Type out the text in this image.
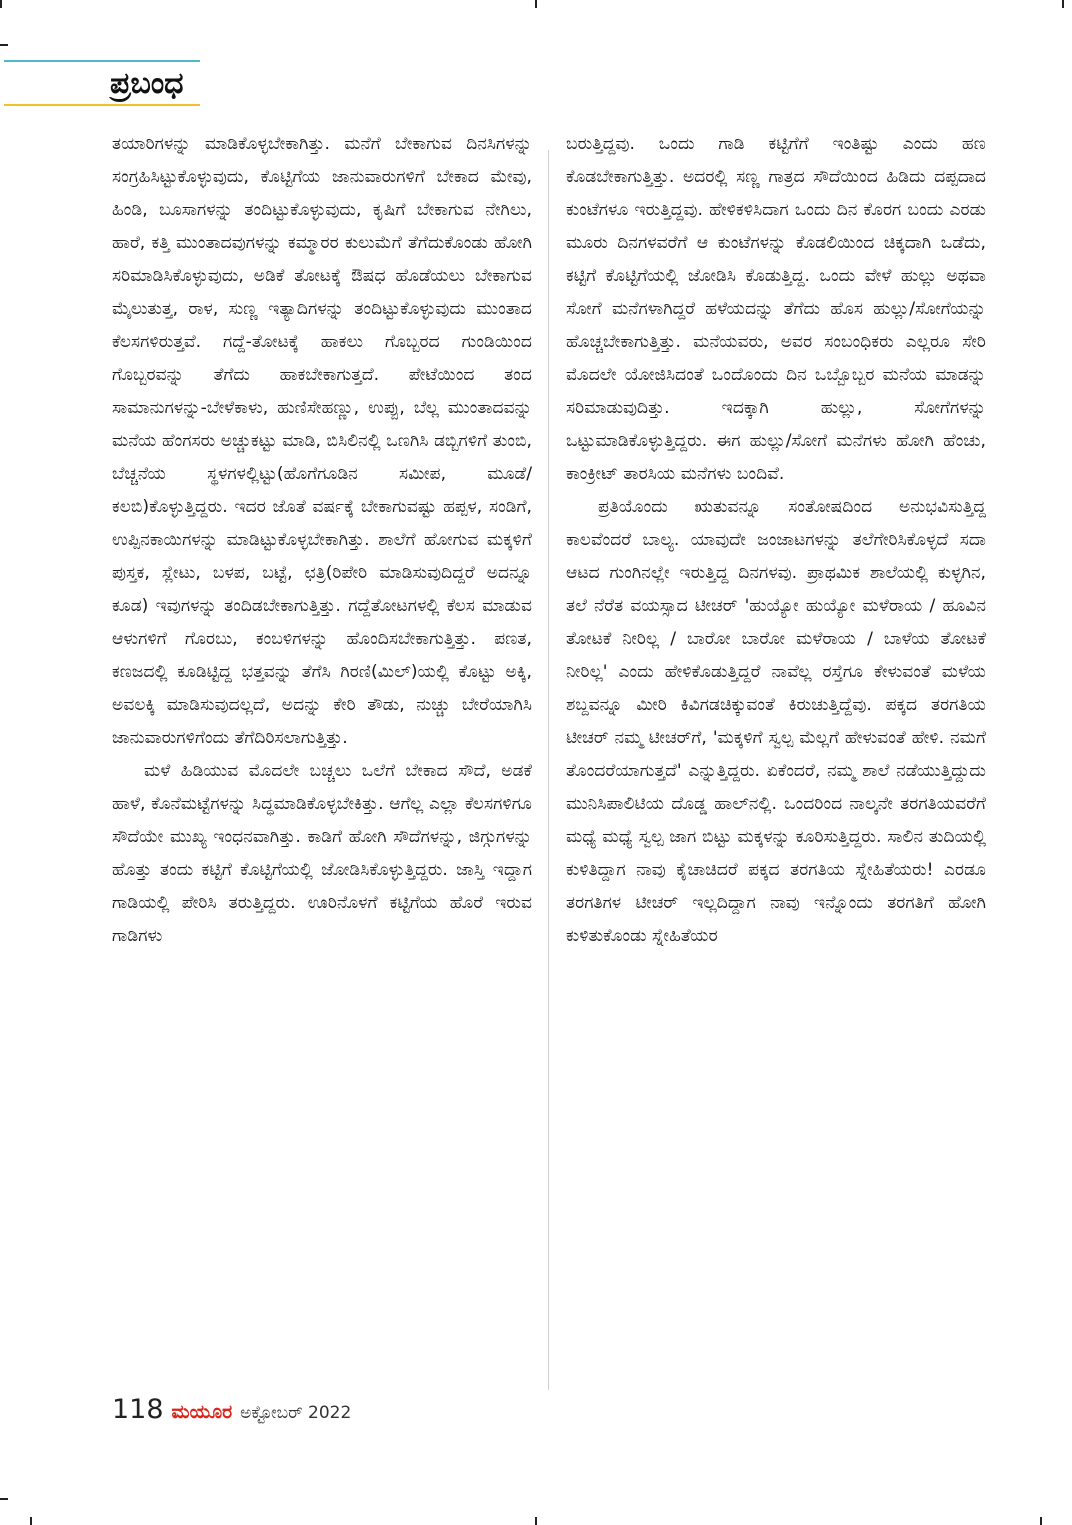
ಪ್ರಬಂಧ

ತಯಾರಿಗಳನ್ನು ಮಾಡಿಕೊಳ್ಳಬೇಕಾಗಿತ್ತು. ಮನೆಗೆ ಬೇಕಾಗುವ ದಿನಸಿಗಳನ್ನು ಸಂಗ್ರಹಿಸಿಟ್ಟುಕೊಳ್ಳುವುದು, ಕೊಟ್ಟಿಗೆಯ ಜಾನುವಾರುಗಳಿಗೆ ಬೇಕಾದ ಮೇವು, ಹಿಂಡಿ, ಬೂಸಾಗಳನ್ನು ತಂದಿಟ್ಟುಕೊಳ್ಳುವುದು, ಕೃಷಿಗೆ ಬೇಕಾಗುವ ನೇಗಿಲು, ಹಾರೆ, ಕತ್ತಿ ಮುಂತಾದವುಗಳನ್ನು ಕಮ್ಮಾರರ ಕುಲುಮೆಗೆ ತೆಗೆದುಕೊಂಡು ಹೋಗಿ ಸರಿಮಾಡಿಸಿಕೊಳ್ಳುವುದು, ಅಡಿಕೆ ತೋಟಕ್ಕೆ ಔಷಧ ಹೊಡೆಯಲು ಬೇಕಾಗುವ ಮೈಲುತುತ್ತ, ರಾಳ, ಸುಣ್ಣ ಇತ್ಯಾದಿಗಳನ್ನು ತಂದಿಟ್ಟುಕೊಳ್ಳುವುದು ಮುಂತಾದ ಕೆಲಸಗಳಿರುತ್ತವೆ. ಗದ್ದೆ-ತೋಟಕ್ಕೆ ಹಾಕಲು ಗೊಬ್ಬರದ ಗುಂಡಿಯಿಂದ ಗೊಬ್ಬರವನ್ನು ತೆಗೆದು ಹಾಕಬೇಕಾಗುತ್ತದೆ. ಪೇಟೆಯಿಂದ ತಂದ ಸಾಮಾನುಗಳನ್ನು-ಬೇಳೆಕಾಳು, ಹುಣಿಸೇಹಣ್ಣು, ಉಪ್ಪು, ಬೆಲ್ಲ ಮುಂತಾದವನ್ನು ಮನೆಯ ಹೆಂಗಸರು ಅಚ್ಚುಕಟ್ಟು ಮಾಡಿ, ಬಿಸಿಲಿನಲ್ಲಿ ಒಣಗಿಸಿ ಡಬ್ಬಿಗಳಿಗೆ ತುಂಬಿ, ಬೆಚ್ಚನೆಯ ಸ್ಥಳಗಳಲ್ಲಿಟ್ಟು(ಹೊಗೆಗೂಡಿನ ಸಮೀಪ, ಮೂಡೆ/ಕಲಬಿ)ಕೊಳ್ಳುತ್ತಿದ್ದರು. ಇದರ ಜೊತೆ ವರ್ಷಕ್ಕೆ ಬೇಕಾಗುವಷ್ಟು ಹಪ್ಪಳ, ಸಂಡಿಗೆ, ಉಪ್ಪಿನಕಾಯಿಗಳನ್ನು ಮಾಡಿಟ್ಟುಕೊಳ್ಳಬೇಕಾಗಿತ್ತು. ಶಾಲೆಗೆ ಹೋಗುವ ಮಕ್ಕಳಿಗೆ ಪುಸ್ತಕ, ಸ್ಲೇಟು, ಬಳಪ, ಬಟ್ಟೆ, ಛತ್ರಿ(ರಿಪೇರಿ ಮಾಡಿಸುವುದಿದ್ದರೆ ಅದನ್ನೂ ಕೂಡ) ಇವುಗಳನ್ನು ತಂದಿಡಬೇಕಾಗುತ್ತಿತ್ತು. ಗದ್ದೆತೋಟಗಳಲ್ಲಿ ಕೆಲಸ ಮಾಡುವ ಆಳುಗಳಿಗೆ ಗೊರಬು, ಕಂಬಳಿಗಳನ್ನು ಹೊಂದಿಸಬೇಕಾಗುತ್ತಿತ್ತು. ಪಣತ, ಕಣಜದಲ್ಲಿ ಕೂಡಿಟ್ಟಿದ್ದ ಭತ್ತವನ್ನು ತೆಗೆಸಿ ಗಿರಣಿ(ಮಿಲ್)ಯಲ್ಲಿ ಕೊಟ್ಟು ಅಕ್ಕಿ, ಅವಲಕ್ಕಿ ಮಾಡಿಸುವುದಲ್ಲದೆ, ಅದನ್ನು ಕೇರಿ ತೌಡು, ನುಚ್ಚು ಬೇರೆಯಾಗಿಸಿ ಜಾನುವಾರುಗಳಿಗೆಂದು ತೆಗೆದಿರಿಸಲಾಗುತ್ತಿತ್ತು.

ಮಳೆ ಹಿಡಿಯುವ ಮೊದಲೇ ಬಚ್ಚಲು ಒಲೆಗೆ ಬೇಕಾದ ಸೌದೆ, ಅಡಕೆ ಹಾಳೆ, ಕೊನೆಮಟ್ಟೆಗಳನ್ನು ಸಿದ್ಧಮಾಡಿಕೊಳ್ಳಬೇಕಿತ್ತು. ಆಗೆಲ್ಲ ಎಲ್ಲಾ ಕೆಲಸಗಳಿಗೂ ಸೌದೆಯೇ ಮುಖ್ಯ ಇಂಧನವಾಗಿತ್ತು. ಕಾಡಿಗೆ ಹೋಗಿ ಸೌದೆಗಳನ್ನು, ಜಿಗ್ಗುಗಳನ್ನು ಹೊತ್ತು ತಂದು ಕಟ್ಟಿಗೆ ಕೊಟ್ಟಿಗೆಯಲ್ಲಿ ಜೋಡಿಸಿಕೊಳ್ಳುತ್ತಿದ್ದರು. ಜಾಸ್ತಿ ಇದ್ದಾಗ ಗಾಡಿಯಲ್ಲಿ ಪೇರಿಸಿ ತರುತ್ತಿದ್ದರು. ಊರಿನೊಳಗೆ ಕಟ್ಟಿಗೆಯ ಹೊರೆ ಇರುವ ಗಾಡಿಗಳು

ಬರುತ್ತಿದ್ದವು. ಒಂದು ಗಾಡಿ ಕಟ್ಟಿಗೆಗೆ ಇಂತಿಷ್ಟು ಎಂದು ಹಣ ಕೊಡಬೇಕಾಗುತ್ತಿತ್ತು. ಅದರಲ್ಲಿ ಸಣ್ಣ ಗಾತ್ರದ ಸೌದೆಯಿಂದ ಹಿಡಿದು ದಪ್ಪದಾದ ಕುಂಟೆಗಳೂ ಇರುತ್ತಿದ್ದವು. ಹೇಳಿಕಳಿಸಿದಾಗ ಒಂದು ದಿನ ಕೊರಗ ಬಂದು ಎರಡು ಮೂರು ದಿನಗಳವರೆಗೆ ಆ ಕುಂಟೆಗಳನ್ನು ಕೊಡಲಿಯಿಂದ ಚಿಕ್ಕದಾಗಿ ಒಡೆದು, ಕಟ್ಟಿಗೆ ಕೊಟ್ಟಿಗೆಯಲ್ಲಿ ಜೋಡಿಸಿ ಕೊಡುತ್ತಿದ್ದ. ಒಂದು ವೇಳೆ ಹುಲ್ಲು ಅಥವಾ ಸೋಗೆ ಮನೆಗಳಾಗಿದ್ದರೆ ಹಳೆಯದನ್ನು ತೆಗೆದು ಹೊಸ ಹುಲ್ಲು/ಸೋಗೆಯನ್ನು ಹೊಚ್ಚಬೇಕಾಗುತ್ತಿತ್ತು. ಮನೆಯವರು, ಅವರ ಸಂಬಂಧಿಕರು ಎಲ್ಲರೂ ಸೇರಿ ಮೊದಲೇ ಯೋಜಿಸಿದಂತೆ ಒಂದೊಂದು ದಿನ ಒಬ್ಬೊಬ್ಬರ ಮನೆಯ ಮಾಡನ್ನು ಸರಿಮಾಡುವುದಿತ್ತು. ಇದಕ್ಕಾಗಿ ಹುಲ್ಲು, ಸೋಗೆಗಳನ್ನು ಒಟ್ಟುಮಾಡಿಕೊಳ್ಳುತ್ತಿದ್ದರು. ಈಗ ಹುಲ್ಲು/ಸೋಗೆ ಮನೆಗಳು ಹೋಗಿ ಹೆಂಚು, ಕಾಂಕ್ರೀಟ್ ತಾರಸಿಯ ಮನೆಗಳು ಬಂದಿವೆ.

ಪ್ರತಿಯೊಂದು ಋತುವನ್ನೂ ಸಂತೋಷದಿಂದ ಅನುಭವಿಸುತ್ತಿದ್ದ ಕಾಲವೆಂದರೆ ಬಾಲ್ಯ. ಯಾವುದೇ ಜಂಜಾಟಗಳನ್ನು ತಲೆಗೇರಿಸಿಕೊಳ್ಳದೆ ಸದಾ ಆಟದ ಗುಂಗಿನಲ್ಲೇ ಇರುತ್ತಿದ್ದ ದಿನಗಳವು. ಪ್ರಾಥಮಿಕ ಶಾಲೆಯಲ್ಲಿ ಕುಳ್ಳಗಿನ, ತಲೆ ನೆರೆತ ವಯಸ್ಸಾದ ಟೀಚರ್ 'ಹುಯ್ಯೋ ಹುಯ್ಯೋ ಮಳೆರಾಯ / ಹೂವಿನ ತೋಟಕೆ ನೀರಿಲ್ಲ / ಬಾರೋ ಬಾರೋ ಮಳೆರಾಯ / ಬಾಳೆಯ ತೋಟಕೆ ನೀರಿಲ್ಲ' ಎಂದು ಹೇಳಿಕೊಡುತ್ತಿದ್ದರೆ ನಾವೆಲ್ಲ ರಸ್ತೆಗೂ ಕೇಳುವಂತೆ ಮಳೆಯ ಶಬ್ದವನ್ನೂ ಮೀರಿ ಕಿವಿಗಡಚಿಕ್ಕುವಂತೆ ಕಿರುಚುತ್ತಿದ್ದೆವು. ಪಕ್ಕದ ತರಗತಿಯ ಟೀಚರ್ ನಮ್ಮ ಟೀಚರ್‌ಗೆ, 'ಮಕ್ಕಳಿಗೆ ಸ್ವಲ್ಪ ಮೆಲ್ಲಗೆ ಹೇಳುವಂತೆ ಹೇಳಿ. ನಮಗೆ ತೊಂದರೆಯಾಗುತ್ತದೆ' ಎನ್ನುತ್ತಿದ್ದರು. ಏಕೆಂದರೆ, ನಮ್ಮ ಶಾಲೆ ನಡೆಯುತ್ತಿದ್ದುದು ಮುನಿಸಿಪಾಲಿಟಿಯ ದೊಡ್ಡ ಹಾಲ್‌ನಲ್ಲಿ. ಒಂದರಿಂದ ನಾಲ್ಕನೇ ತರಗತಿಯವರೆಗೆ ಮಧ್ಯೆ ಮಧ್ಯೆ ಸ್ವಲ್ಪ ಜಾಗ ಬಿಟ್ಟು ಮಕ್ಕಳನ್ನು ಕೂರಿಸುತ್ತಿದ್ದರು. ಸಾಲಿನ ತುದಿಯಲ್ಲಿ ಕುಳಿತಿದ್ದಾಗ ನಾವು ಕೈಚಾಚಿದರೆ ಪಕ್ಕದ ತರಗತಿಯ ಸ್ನೇಹಿತೆಯರು! ಎರಡೂ ತರಗತಿಗಳ ಟೀಚರ್ ಇಲ್ಲದಿದ್ದಾಗ ನಾವು ಇನ್ನೊಂದು ತರಗತಿಗೆ ಹೋಗಿ ಕುಳಿತುಕೊಂಡು ಸ್ನೇಹಿತೆಯರ

118 ಮಯೂರ ಅಕ್ಟೋಬರ್ 2022
